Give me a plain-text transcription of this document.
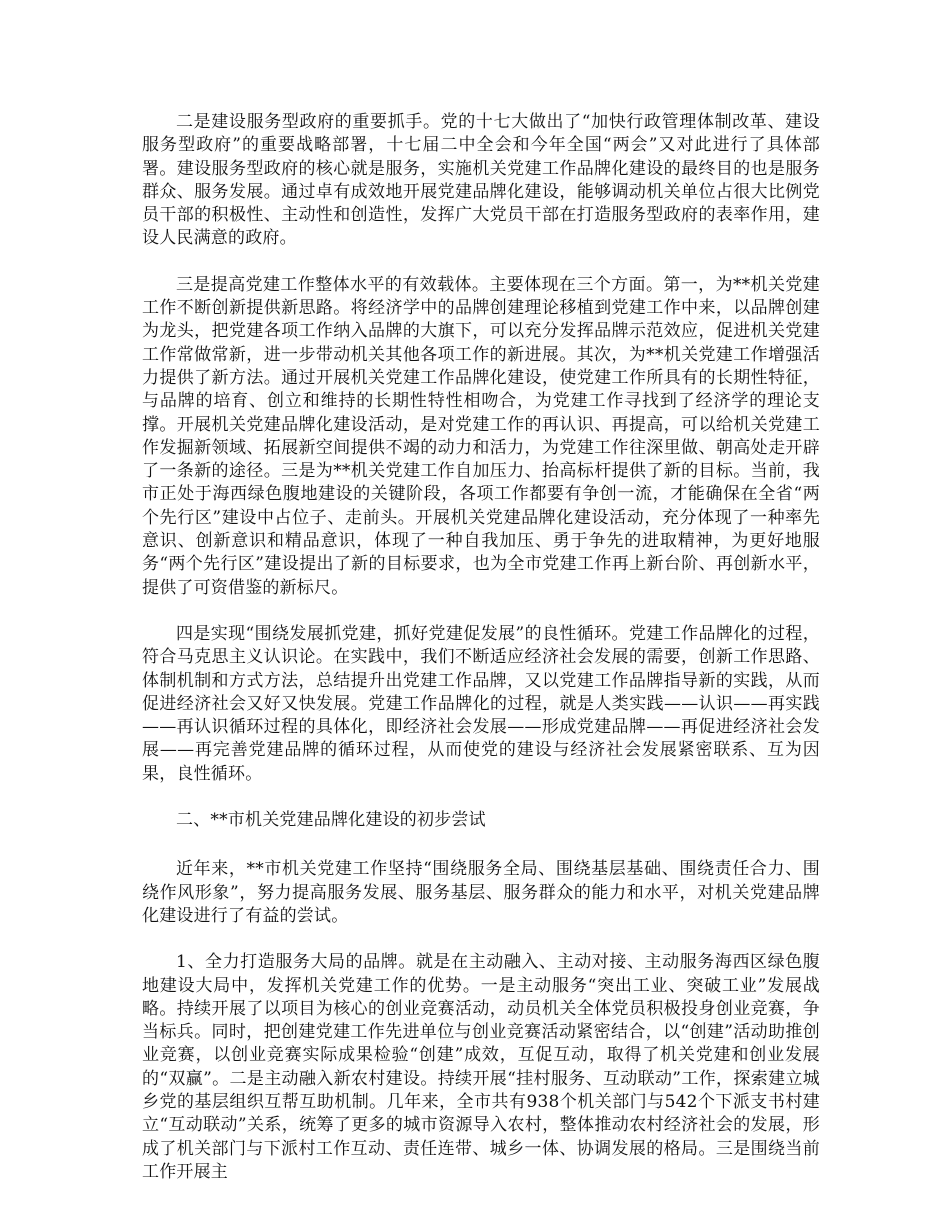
二是建设服务型政府的重要抓手。党的十七大做出了“加快行政管理体制改革、建设服务型政府”的重要战略部署，十七届二中全会和今年全国“两会”又对此进行了具体部署。建设服务型政府的核心就是服务，实施机关党建工作品牌化建设的最终目的也是服务群众、服务发展。通过卓有成效地开展党建品牌化建设，能够调动机关单位占很大比例党员干部的积极性、主动性和创造性，发挥广大党员干部在打造服务型政府的表率作用，建设人民满意的政府。

三是提高党建工作整体水平的有效载体。主要体现在三个方面。第一，为**机关党建工作不断创新提供新思路。将经济学中的品牌创建理论移植到党建工作中来，以品牌创建为龙头，把党建各项工作纳入品牌的大旗下，可以充分发挥品牌示范效应，促进机关党建工作常做常新，进一步带动机关其他各项工作的新进展。其次，为**机关党建工作增强活力提供了新方法。通过开展机关党建工作品牌化建设，使党建工作所具有的长期性特征，与品牌的培育、创立和维持的长期性特性相吻合，为党建工作寻找到了经济学的理论支撑。开展机关党建品牌化建设活动，是对党建工作的再认识、再提高，可以给机关党建工作发掘新领域、拓展新空间提供不竭的动力和活力，为党建工作往深里做、朝高处走开辟了一条新的途径。三是为**机关党建工作自加压力、抬高标杆提供了新的目标。当前，我市正处于海西绿色腹地建设的关键阶段，各项工作都要有争创一流，才能确保在全省“两个先行区”建设中占位子、走前头。开展机关党建品牌化建设活动，充分体现了一种率先意识、创新意识和精品意识，体现了一种自我加压、勇于争先的进取精神，为更好地服务“两个先行区”建设提出了新的目标要求，也为全市党建工作再上新台阶、再创新水平，提供了可资借鉴的新标尺。

四是实现“围绕发展抓党建，抓好党建促发展”的良性循环。党建工作品牌化的过程，符合马克思主义认识论。在实践中，我们不断适应经济社会发展的需要，创新工作思路、体制机制和方式方法，总结提升出党建工作品牌，又以党建工作品牌指导新的实践，从而促进经济社会又好又快发展。党建工作品牌化的过程，就是人类实践——认识——再实践——再认识循环过程的具体化，即经济社会发展——形成党建品牌——再促进经济社会发展——再完善党建品牌的循环过程，从而使党的建设与经济社会发展紧密联系、互为因果，良性循环。

二、**市机关党建品牌化建设的初步尝试

近年来，**市机关党建工作坚持“围绕服务全局、围绕基层基础、围绕责任合力、围绕作风形象”，努力提高服务发展、服务基层、服务群众的能力和水平，对机关党建品牌化建设进行了有益的尝试。

1、全力打造服务大局的品牌。就是在主动融入、主动对接、主动服务海西区绿色腹地建设大局中，发挥机关党建工作的优势。一是主动服务“突出工业、突破工业”发展战略。持续开展了以项目为核心的创业竞赛活动，动员机关全体党员积极投身创业竞赛，争当标兵。同时，把创建党建工作先进单位与创业竞赛活动紧密结合，以“创建”活动助推创业竞赛，以创业竞赛实际成果检验“创建”成效，互促互动，取得了机关党建和创业发展的“双赢”。二是主动融入新农村建设。持续开展“挂村服务、互动联动”工作，探索建立城乡党的基层组织互帮互助机制。几年来，全市共有938个机关部门与542个下派支书村建立“互动联动”关系，统筹了更多的城市资源导入农村，整体推动农村经济社会的发展，形成了机关部门与下派村工作互动、责任连带、城乡一体、协调发展的格局。三是围绕当前工作开展主
